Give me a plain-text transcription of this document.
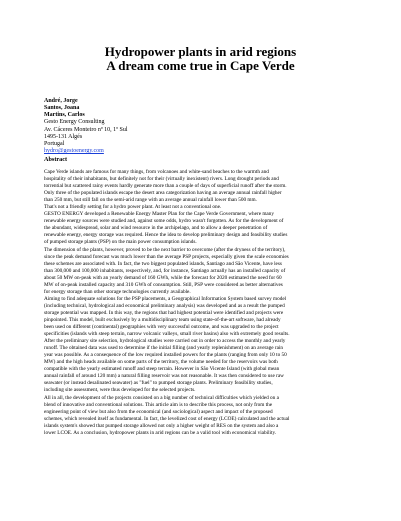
Hydropower plants in arid regions
A dream come true in Cape Verde
André, Jorge
Santos, Joana
Martins, Carlos
Gesto Energy Consulting
Av. Cáceres Monteiro nº 10, 1º Sul
1495-131 Algés
Portugal
hydro@gestoenergy.com
Abstract

Cape Verde islands are famous for many things, from volcanoes and white-sand beaches to the warmth and
hospitality of their inhabitants, but definitely not for their (virtually inexistent) rivers. Long drought periods and
torrential but scattered rainy events hardly generate more than a couple of days of superficial runoff after the storm.
Only three of the populated islands escape the desert area categorization having an average annual rainfall higher
than 250 mm, but still fall on the semi-arid range with an average annual rainfall lower than 500 mm.
That's not a friendly setting for a hydro power plant. At least not a conventional one.

GESTO ENERGY developed a Renewable Energy Master Plan for the Cape Verde Government, where many
renewable energy sources were studied and, against some odds, hydro wasn't forgotten. As for the development of
the abundant, widespread, solar and wind resource in the archipelago, and to allow a deeper penetration of
renewable energy, energy storage was required. Hence the idea to develop preliminary design and feasibility studies
of pumped storage plants (PSP) on the main power consumption islands.

The dimension of the plants, however, proved to be the next barrier to overcome (after the dryness of the territory),
since the peak demand forecast was much lower than the average PSP projects, especially given the scale economies
these schemes are associated with. In fact, the two biggest populated islands, Santiago and São Vicente, have less
than 300,000 and 100,000 inhabitants, respectively, and, for instance, Santiago actually has an installed capacity of
about 50 MW on-peak with an yearly demand of 160 GWh, while the forecast for 2020 estimated the need for 60
MW of on-peak installed capacity and 310 GWh of consumption. Still, PSP were considered as better alternatives
for energy storage than other storage technologies currently available.

Aiming to find adequate solutions for the PSP placements, a Geographical Information System based survey model
(including technical, hydrological and economical preliminary analysis) was developed and as a result the pumped
storage potential was mapped. In this way, the regions that had highest potential were identified and projects were
pinpointed. This model, built exclusively by a multidisciplinary team using state-of-the-art software, had already
been used on different (continental) geographies with very successful outcome, and was upgraded to the project
specificities (islands with steep terrain, narrow volcanic valleys, small river basins) also with extremely good results.

After the preliminary site selection, hydrological studies were carried out in order to access the monthly and yearly
runoff. The obtained data was used to determine if the initial filling (and yearly replenishment) on an average rain
year was possible. As a consequence of the low required installed powers for the plants (ranging from only 10 to 50
MW) and the high heads available on some parts of the territory, the volume needed for the reservoirs was both
compatible with the yearly estimated runoff and steep terrain. However in São Vicente Island (with global mean
annual rainfall of around 120 mm) a natural filling reservoir was not reasonable. It was then considered to use raw
seawater (or instead desalinated seawater) as "fuel" to pumped storage plants. Preliminary feasibility studies,
including site assessment, were thus developed for the selected projects.

All in all, the development of the projects consisted on a big number of technical difficulties which yielded on a
blend of innovative and conventional solutions. This article aim is to describe this process, not only from the
engineering point of view but also from the economical (and sociological) aspect and impact of the proposed
schemes, which revealed itself as fundamental. In fact, the levelized cost of energy (LCOE) calculated and the actual
islands system's showed that pumped storage allowed not only a higher weight of RES on the system and also a
lower LCOE. As a conclusion, hydropower plants in arid regions can be a valid tool with economical viability.
